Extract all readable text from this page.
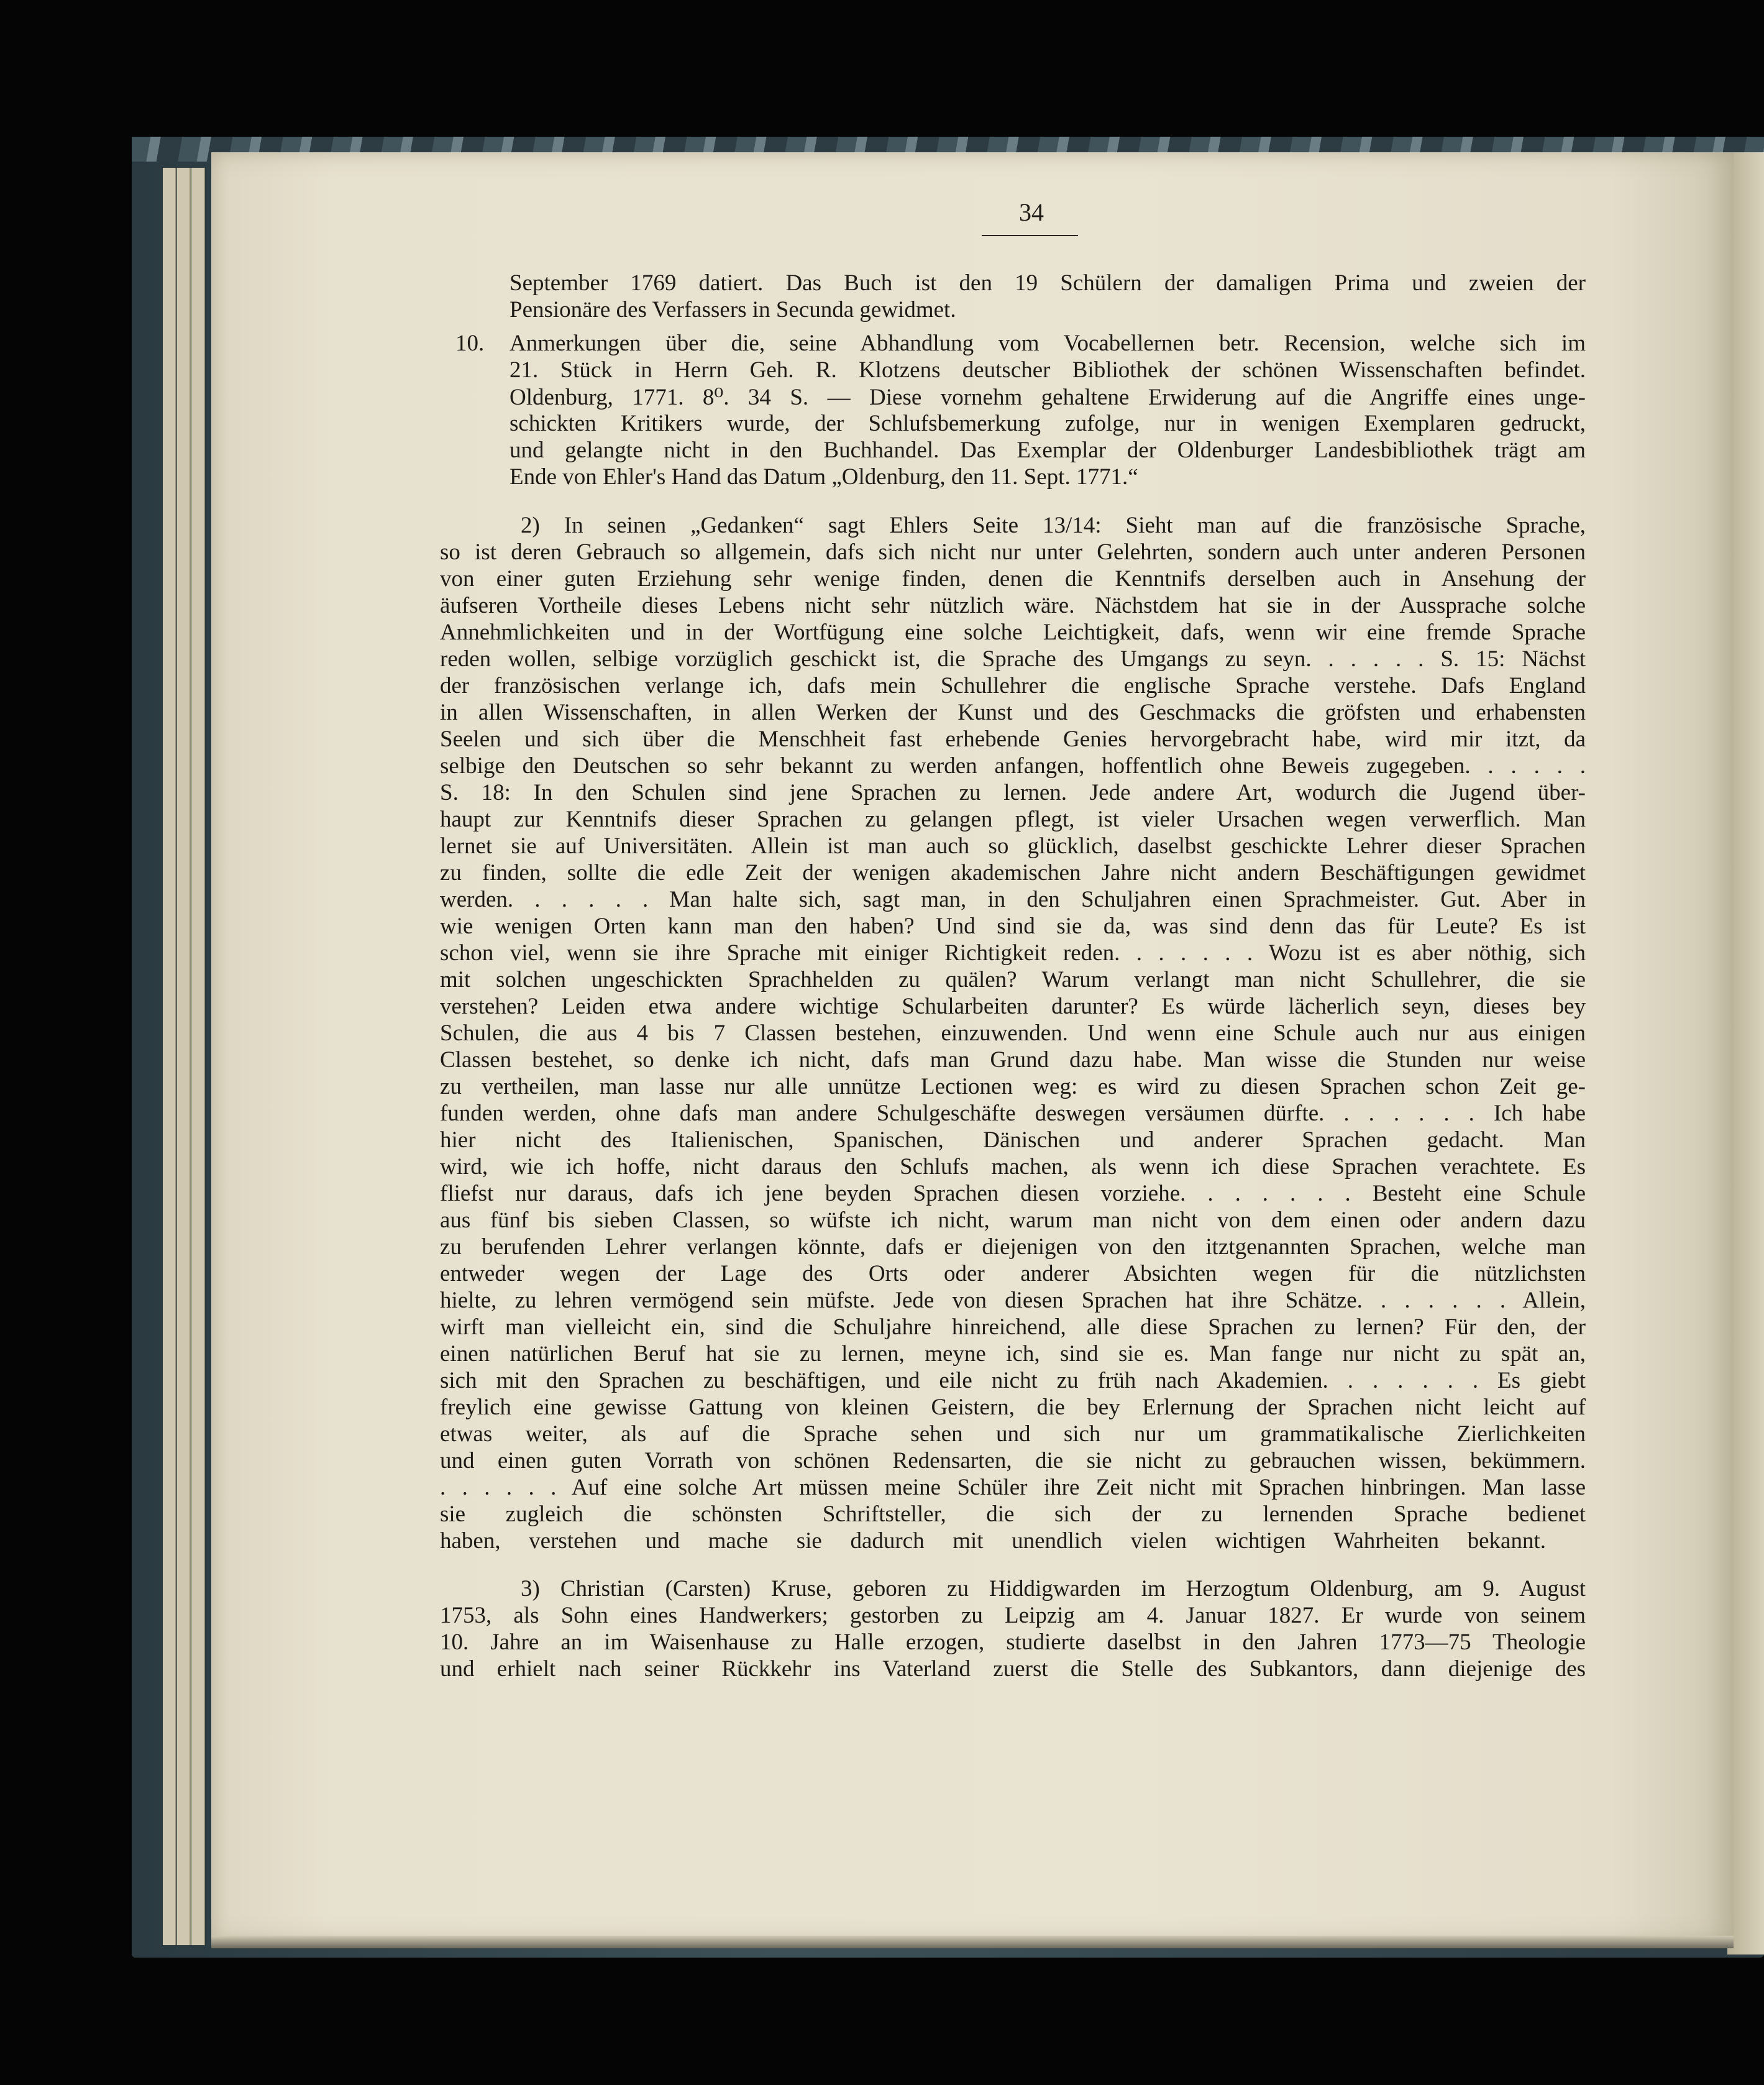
34
10.
September 1769 datiert. Das Buch ist den 19 Schülern der damaligen Prima und zweien der
Pensionäre des Verfassers in Secunda gewidmet.
Anmerkungen über die, seine Abhandlung vom Vocabellernen betr. Recension, welche sich im
21. Stück in Herrn Geh. R. Klotzens deutscher Bibliothek der schönen Wissenschaften befindet.
Oldenburg, 1771. 8⁰. 34 S. — Diese vornehm gehaltene Erwiderung auf die Angriffe eines unge-
schickten Kritikers wurde, der Schlufsbemerkung zufolge, nur in wenigen Exemplaren gedruckt,
und gelangte nicht in den Buchhandel. Das Exemplar der Oldenburger Landesbibliothek trägt am
Ende von Ehler's Hand das Datum „Oldenburg, den 11. Sept. 1771.“
2) In seinen „Gedanken“ sagt Ehlers Seite 13/14: Sieht man auf die französische Sprache,
so ist deren Gebrauch so allgemein, dafs sich nicht nur unter Gelehrten, sondern auch unter anderen Personen
von einer guten Erziehung sehr wenige finden, denen die Kenntnifs derselben auch in Ansehung der
äufseren Vortheile dieses Lebens nicht sehr nützlich wäre. Nächstdem hat sie in der Aussprache solche
Annehmlichkeiten und in der Wortfügung eine solche Leichtigkeit, dafs, wenn wir eine fremde Sprache
reden wollen, selbige vorzüglich geschickt ist, die Sprache des Umgangs zu seyn. . . . . . S. 15: Nächst
der französischen verlange ich, dafs mein Schullehrer die englische Sprache verstehe. Dafs England
in allen Wissenschaften, in allen Werken der Kunst und des Geschmacks die gröfsten und erhabensten
Seelen und sich über die Menschheit fast erhebende Genies hervorgebracht habe, wird mir itzt, da
selbige den Deutschen so sehr bekannt zu werden anfangen, hoffentlich ohne Beweis zugegeben. . . . . .
S. 18: In den Schulen sind jene Sprachen zu lernen. Jede andere Art, wodurch die Jugend über-
haupt zur Kenntnifs dieser Sprachen zu gelangen pflegt, ist vieler Ursachen wegen verwerflich. Man
lernet sie auf Universitäten. Allein ist man auch so glücklich, daselbst geschickte Lehrer dieser Sprachen
zu finden, sollte die edle Zeit der wenigen akademischen Jahre nicht andern Beschäftigungen gewidmet
werden. . . . . . Man halte sich, sagt man, in den Schuljahren einen Sprachmeister. Gut. Aber in
wie wenigen Orten kann man den haben? Und sind sie da, was sind denn das für Leute? Es ist
schon viel, wenn sie ihre Sprache mit einiger Richtigkeit reden. . . . . . . Wozu ist es aber nöthig, sich
mit solchen ungeschickten Sprachhelden zu quälen? Warum verlangt man nicht Schullehrer, die sie
verstehen? Leiden etwa andere wichtige Schularbeiten darunter? Es würde lächerlich seyn, dieses bey
Schulen, die aus 4 bis 7 Classen bestehen, einzuwenden. Und wenn eine Schule auch nur aus einigen
Classen bestehet, so denke ich nicht, dafs man Grund dazu habe. Man wisse die Stunden nur weise
zu vertheilen, man lasse nur alle unnütze Lectionen weg: es wird zu diesen Sprachen schon Zeit ge-
funden werden, ohne dafs man andere Schulgeschäfte deswegen versäumen dürfte. . . . . . . Ich habe
hier nicht des Italienischen, Spanischen, Dänischen und anderer Sprachen gedacht. Man
wird, wie ich hoffe, nicht daraus den Schlufs machen, als wenn ich diese Sprachen verachtete. Es
fliefst nur daraus, dafs ich jene beyden Sprachen diesen vorziehe. . . . . . . Besteht eine Schule
aus fünf bis sieben Classen, so wüfste ich nicht, warum man nicht von dem einen oder andern dazu
zu berufenden Lehrer verlangen könnte, dafs er diejenigen von den itztgenannten Sprachen, welche man
entweder wegen der Lage des Orts oder anderer Absichten wegen für die nützlichsten
hielte, zu lehren vermögend sein müfste. Jede von diesen Sprachen hat ihre Schätze. . . . . . . Allein,
wirft man vielleicht ein, sind die Schuljahre hinreichend, alle diese Sprachen zu lernen? Für den, der
einen natürlichen Beruf hat sie zu lernen, meyne ich, sind sie es. Man fange nur nicht zu spät an,
sich mit den Sprachen zu beschäftigen, und eile nicht zu früh nach Akademien. . . . . . . Es giebt
freylich eine gewisse Gattung von kleinen Geistern, die bey Erlernung der Sprachen nicht leicht auf
etwas weiter, als auf die Sprache sehen und sich nur um grammatikalische Zierlichkeiten
und einen guten Vorrath von schönen Redensarten, die sie nicht zu gebrauchen wissen, bekümmern.
. . . . . . Auf eine solche Art müssen meine Schüler ihre Zeit nicht mit Sprachen hinbringen. Man lasse
sie zugleich die schönsten Schriftsteller, die sich der zu lernenden Sprache bedienet
haben, verstehen und mache sie dadurch mit unendlich vielen wichtigen Wahrheiten bekannt.
3) Christian (Carsten) Kruse, geboren zu Hiddigwarden im Herzogtum Oldenburg, am 9. August
1753, als Sohn eines Handwerkers; gestorben zu Leipzig am 4. Januar 1827. Er wurde von seinem
10. Jahre an im Waisenhause zu Halle erzogen, studierte daselbst in den Jahren 1773—75 Theologie
und erhielt nach seiner Rückkehr ins Vaterland zuerst die Stelle des Subkantors, dann diejenige des
